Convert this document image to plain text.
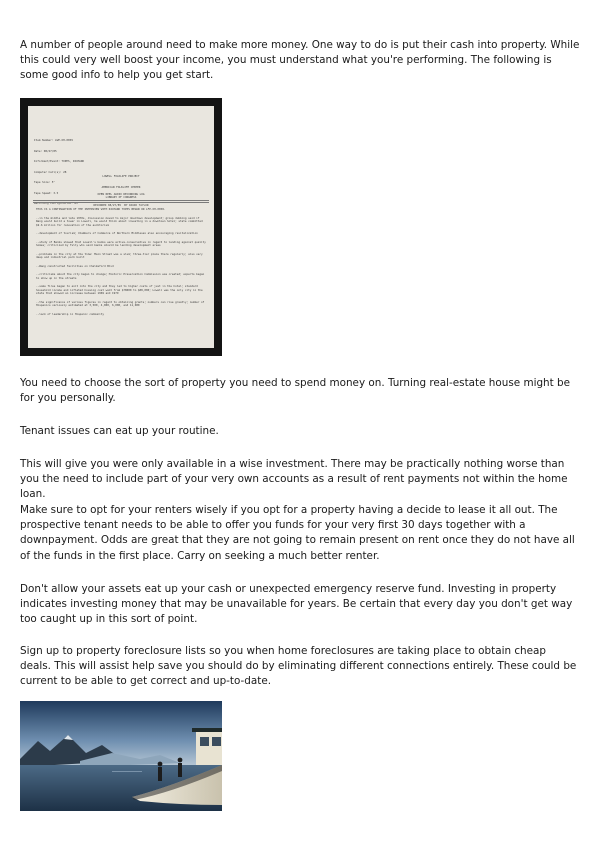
A number of people around need to make more money. One way to do is put their cash into property. While this could very well boost your income, you must understand what you're performing. The following is some good info to help you get start.

Item Number: LWP-OH-0059

Date: 08/27/85

Informant/Event: TOPPS, RICHARD

Computer Call(s): 28

Tape Size: 5"

Tape Speed: 3.5

Recording Configuration: B1

LOWELL FOLKLIFE PROJECT

AMERICAN FOLKLIFE CENTER

LIBRARY OF CONGRESS

OPEN REEL AUDIO RECORDING LOG

RECORDED 08/27/85  BY DAVID TAYLOR

THIS IS A CONTINUATION OF THE INTERVIEW WITH RICHARD TOPPS BEGUN ON LFP-OH-0058.
--in the middle and late 1970s, discussion moved to major downtown development; group dubbing said if Wang would build a tower in Lowell, he would think about investing in a downtown hotel; state committed $9.6 million for renovation of the auditorium
--development of tourism; Chambers of Commerce of Northern Middlesex also encouraging revitalization
--study of Banks showed that Lowell's banks were active-conservative in regard to lending against quality homes; criticized by Tully who said banks should be lending development areas
--problems in the city at the time: Main Street was a slum; three-tier plans there regularly; also very deep and industrial park built
--Wang constructed facilities on Chelmsford Blvd
--criticisms about the city began to change; Historic Preservation Commission was created; experts began to show up in the streets
--some fires began to exit into the city and they led to higher costs of just in the hotel; standard household income and inflated housing cost went from $78000 to $88,000; Lowell was the only city in the state that showed an increase between 1969 and 1979
--the significance of various figures in regard to obtaining grants; numbers can rise greatly; number of Hispanics variously estimated at 3,500, 4,000, 6,000, and 11,000
--lack of leadership in Hispanic community

You need to choose the sort of property you need to spend money on. Turning real-estate house might be for you personally.

Tenant issues can eat up your routine.

This will give you were only available in a wise investment. There may be practically nothing worse than you the need to include part of your very own accounts as a result of rent payments not within the home loan.

Make sure to opt for your renters wisely if you opt for a property having a decide to lease it all out. The prospective tenant needs to be able to offer you funds for your very first 30 days together with a downpayment. Odds are great that they are not going to remain present on rent once they do not have all of the funds in the first place. Carry on seeking a much better renter.

Don't allow your assets eat up your cash or unexpected emergency reserve fund. Investing in property indicates investing money that may be unavailable for years. Be certain that every day you don't get way too caught up in this sort of point.

Sign up to property foreclosure lists so you when home foreclosures are taking place to obtain cheap deals. This will assist help save you should do by eliminating different connections entirely. These could be current to be able to get correct and up-to-date.
